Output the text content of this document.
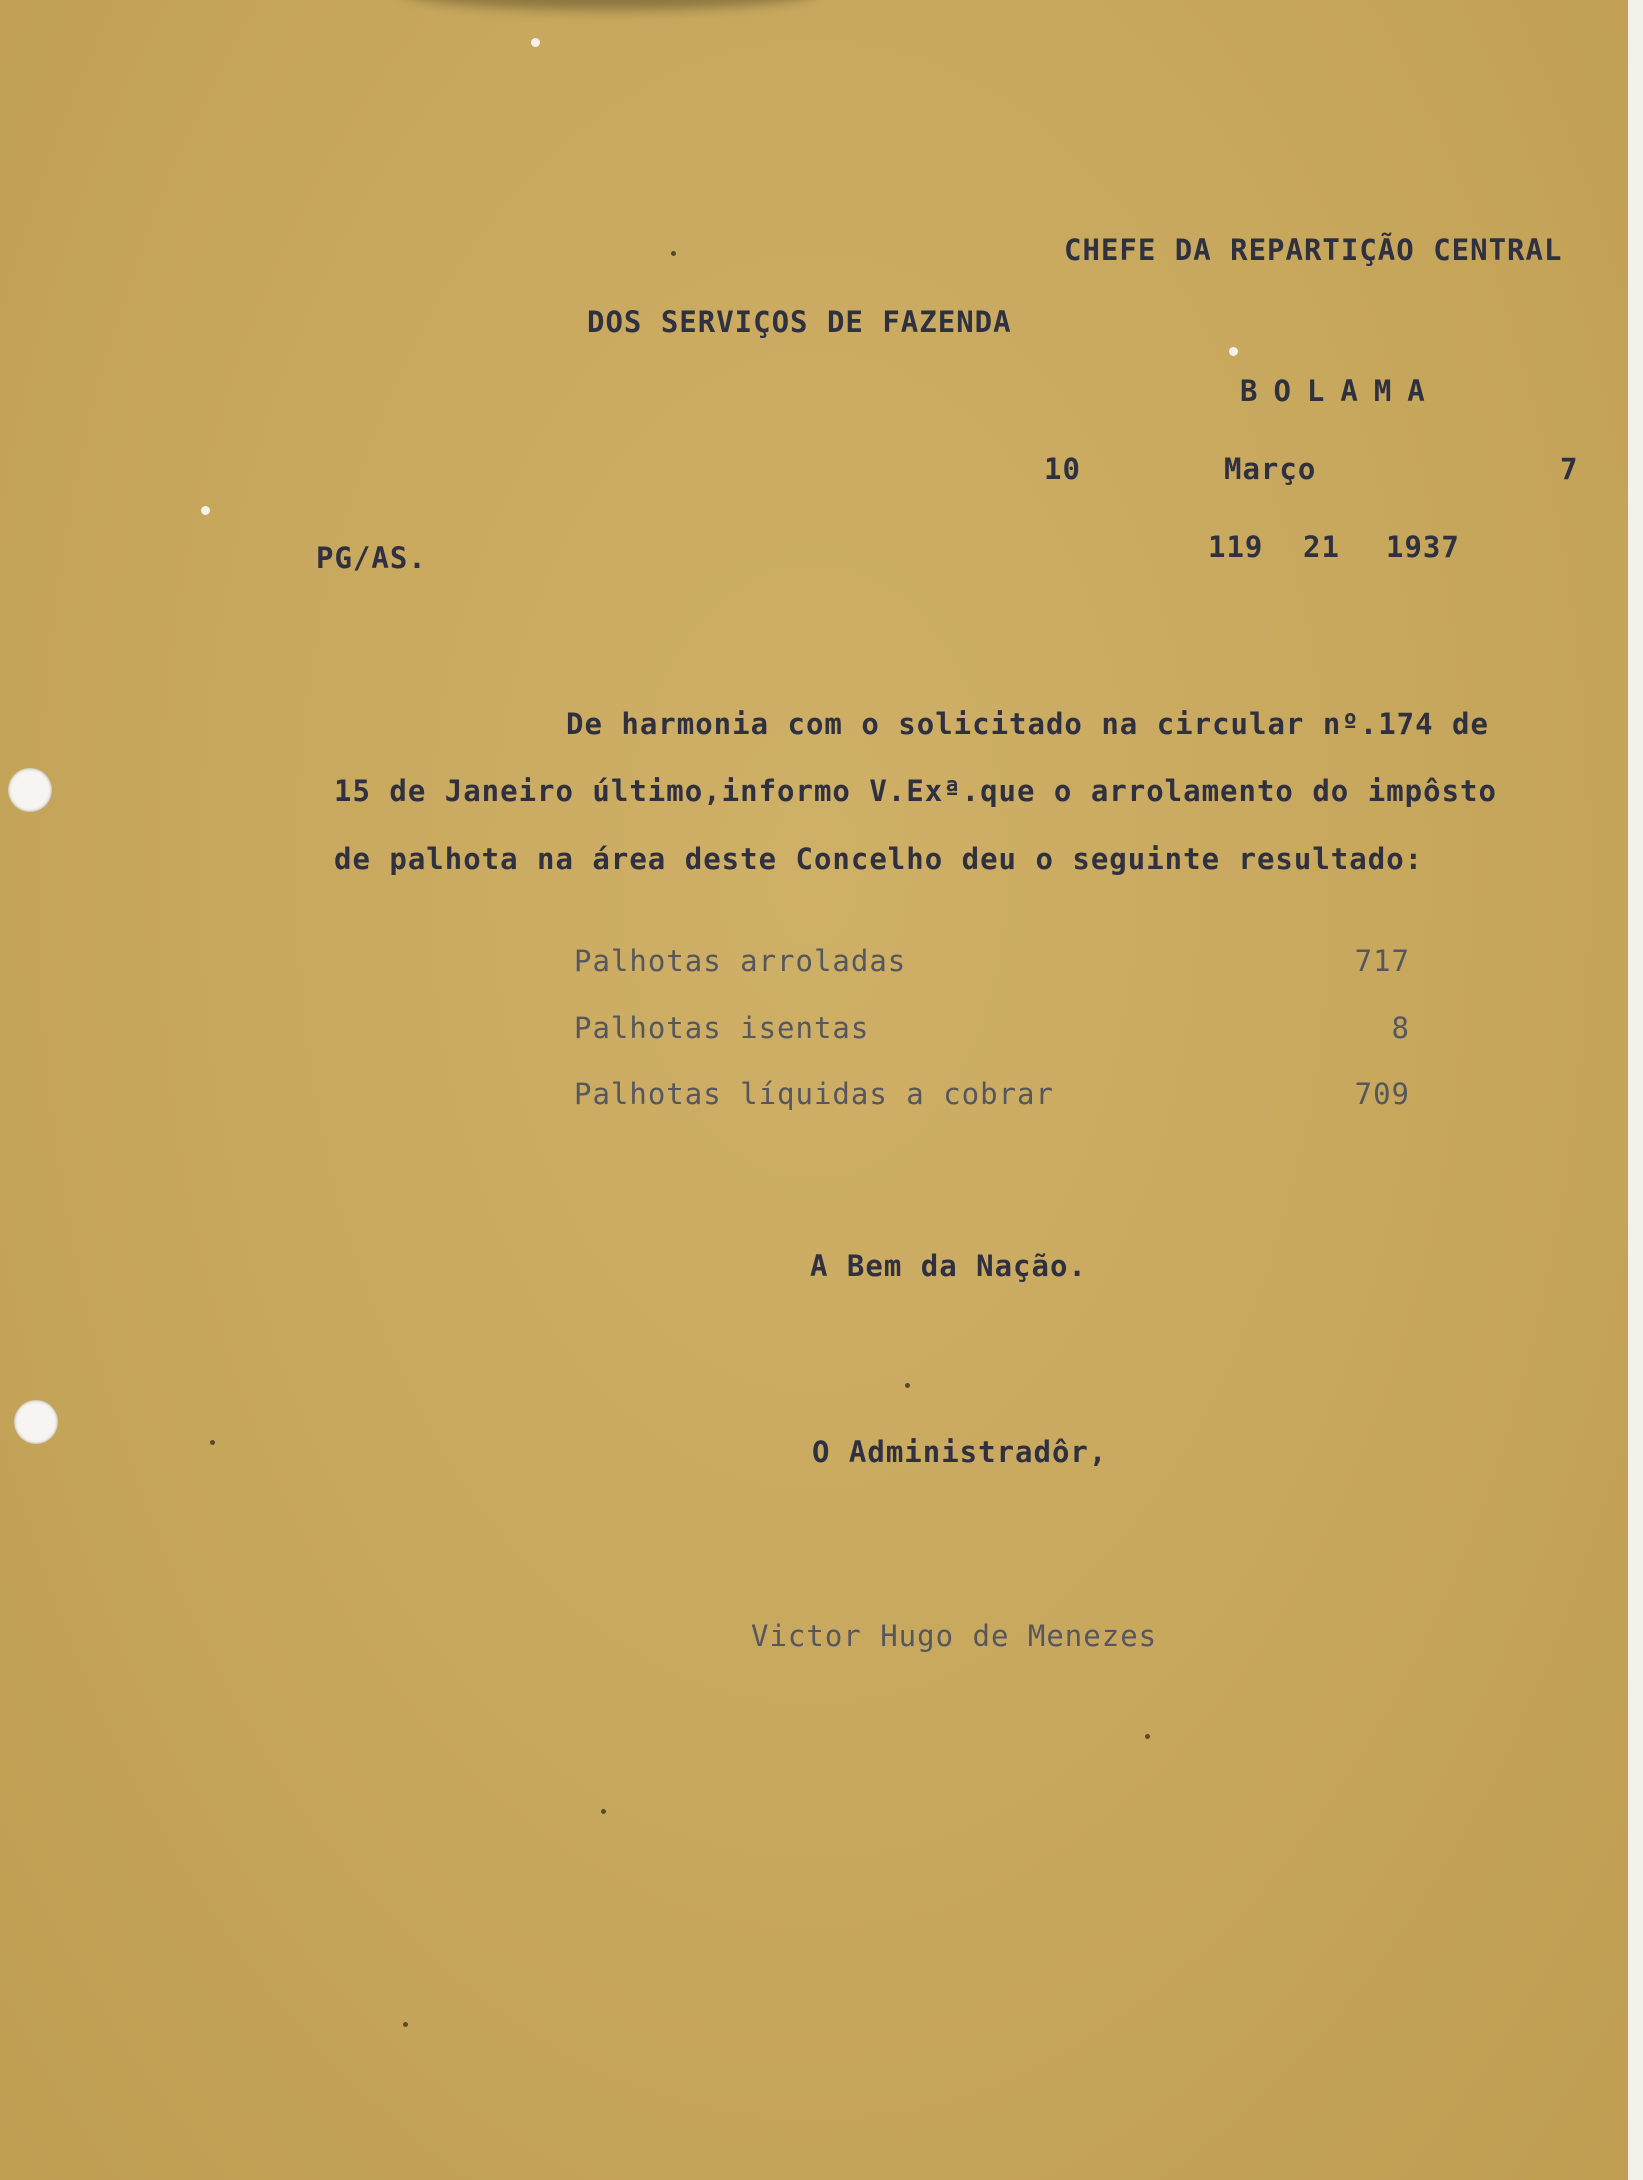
CHEFE DA REPARTIÇÃO CENTRAL
DOS SERVIÇOS DE FAZENDA
BOLAMA
10	Março	7
PG/AS.	119 21 1937
De harmonia com o solicitado na circular nº.174 de
15 de Janeiro último,informo V.Exª.que o arrolamento do impôsto
de palhota na área deste Concelho deu o seguinte resultado:
Palhotas arroladas	717
Palhotas isentas	8
Palhotas líquidas a cobrar	709
A Bem da Nação.
O Administradôr,
Victor Hugo de Menezes
